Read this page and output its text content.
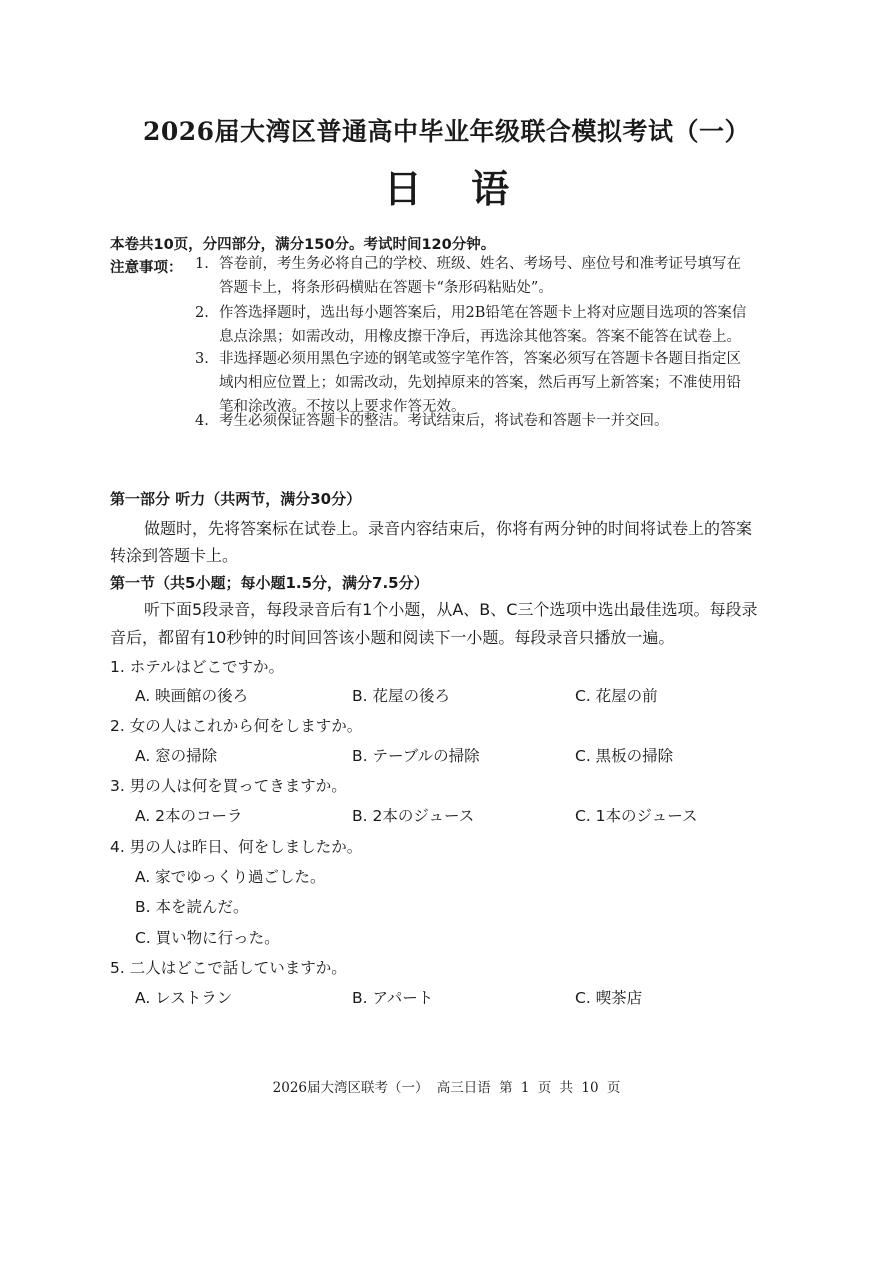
2026届大湾区普通高中毕业年级联合模拟考试（一）
日 语
本卷共10页，分四部分，满分150分。考试时间120分钟。
注意事项： 1. 答卷前，考生务必将自己的学校、班级、姓名、考场号、座位号和准考证号填写在
答题卡上，将条形码横贴在答题卡“条形码粘贴处”。
2. 作答选择题时，选出每小题答案后，用2B铅笔在答题卡上将对应题目选项的答案信
息点涂黑；如需改动，用橡皮擦干净后，再选涂其他答案。答案不能答在试卷上。
3. 非选择题必须用黑色字迹的钢笔或签字笔作答，答案必须写在答题卡各题目指定区
域内相应位置上；如需改动，先划掉原来的答案，然后再写上新答案；不准使用铅
笔和涂改液。不按以上要求作答无效。
4. 考生必须保证答题卡的整洁。考试结束后，将试卷和答题卡一并交回。
第一部分 听力（共两节，满分30分）
做题时，先将答案标在试卷上。录音内容结束后，你将有两分钟的时间将试卷上的答案
转涂到答题卡上。
第一节（共5小题；每小题1.5分，满分7.5分）
听下面5段录音，每段录音后有1个小题，从A、B、C三个选项中选出最佳选项。每段录
音后，都留有10秒钟的时间回答该小题和阅读下一小题。每段录音只播放一遍。
1. ホテルはどこですか。
A. 映画館の後ろ	B. 花屋の後ろ	C. 花屋の前
2. 女の人はこれから何をしますか。
A. 窓の掃除	B. テーブルの掃除	C. 黒板の掃除
3. 男の人は何を買ってきますか。
A. 2本のコーラ	B. 2本のジュース	C. 1本のジュース
4. 男の人は昨日、何をしましたか。
A. 家でゆっくり過ごした。
B. 本を読んだ。
C. 買い物に行った。
5. 二人はどこで話していますか。
A. レストラン	B. アパート	C. 喫茶店
2026届大湾区联考（一） 高三日语 第 1 页 共 10 页
